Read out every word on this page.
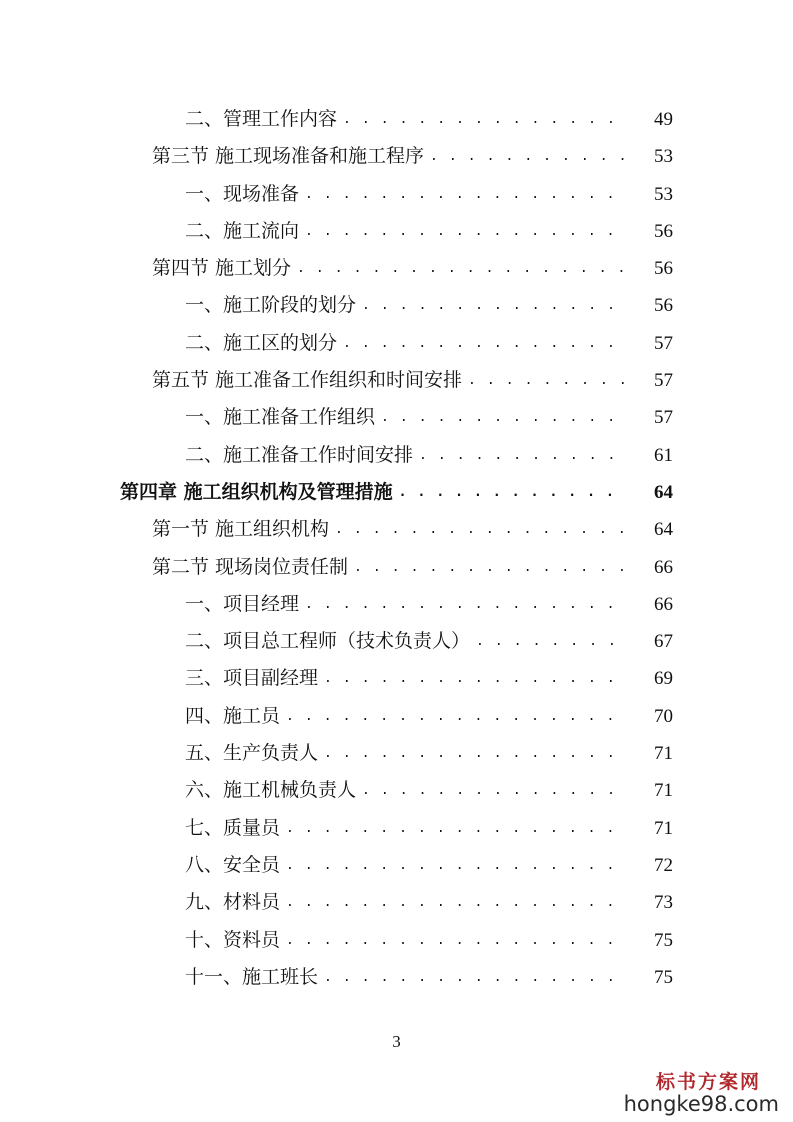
二、管理工作内容 . . .	49
第三节 施工现场准备和施工程序 . . .	53
一、现场准备 . . .	53
二、施工流向 . . .	56
第四节 施工划分 . . .	56
一、施工阶段的划分 . . .	56
二、施工区的划分 . . .	57
第五节 施工准备工作组织和时间安排 . . .	57
一、施工准备工作组织 . . .	57
二、施工准备工作时间安排 . . .	61
第四章 施工组织机构及管理措施 . . .	64
第一节 施工组织机构 . . .	64
第二节 现场岗位责任制 . . .	66
一、项目经理 . . .	66
二、项目总工程师（技术负责人） . . .	67
三、项目副经理 . . .	69
四、施工员 . . .	70
五、生产负责人 . . .	71
六、施工机械负责人 . . .	71
七、质量员 . . .	71
八、安全员 . . .	72
九、材料员 . . .	73
十、资料员 . . .	75
十一、施工班长 . . .	75
3
标书方案网
hongke98.com
